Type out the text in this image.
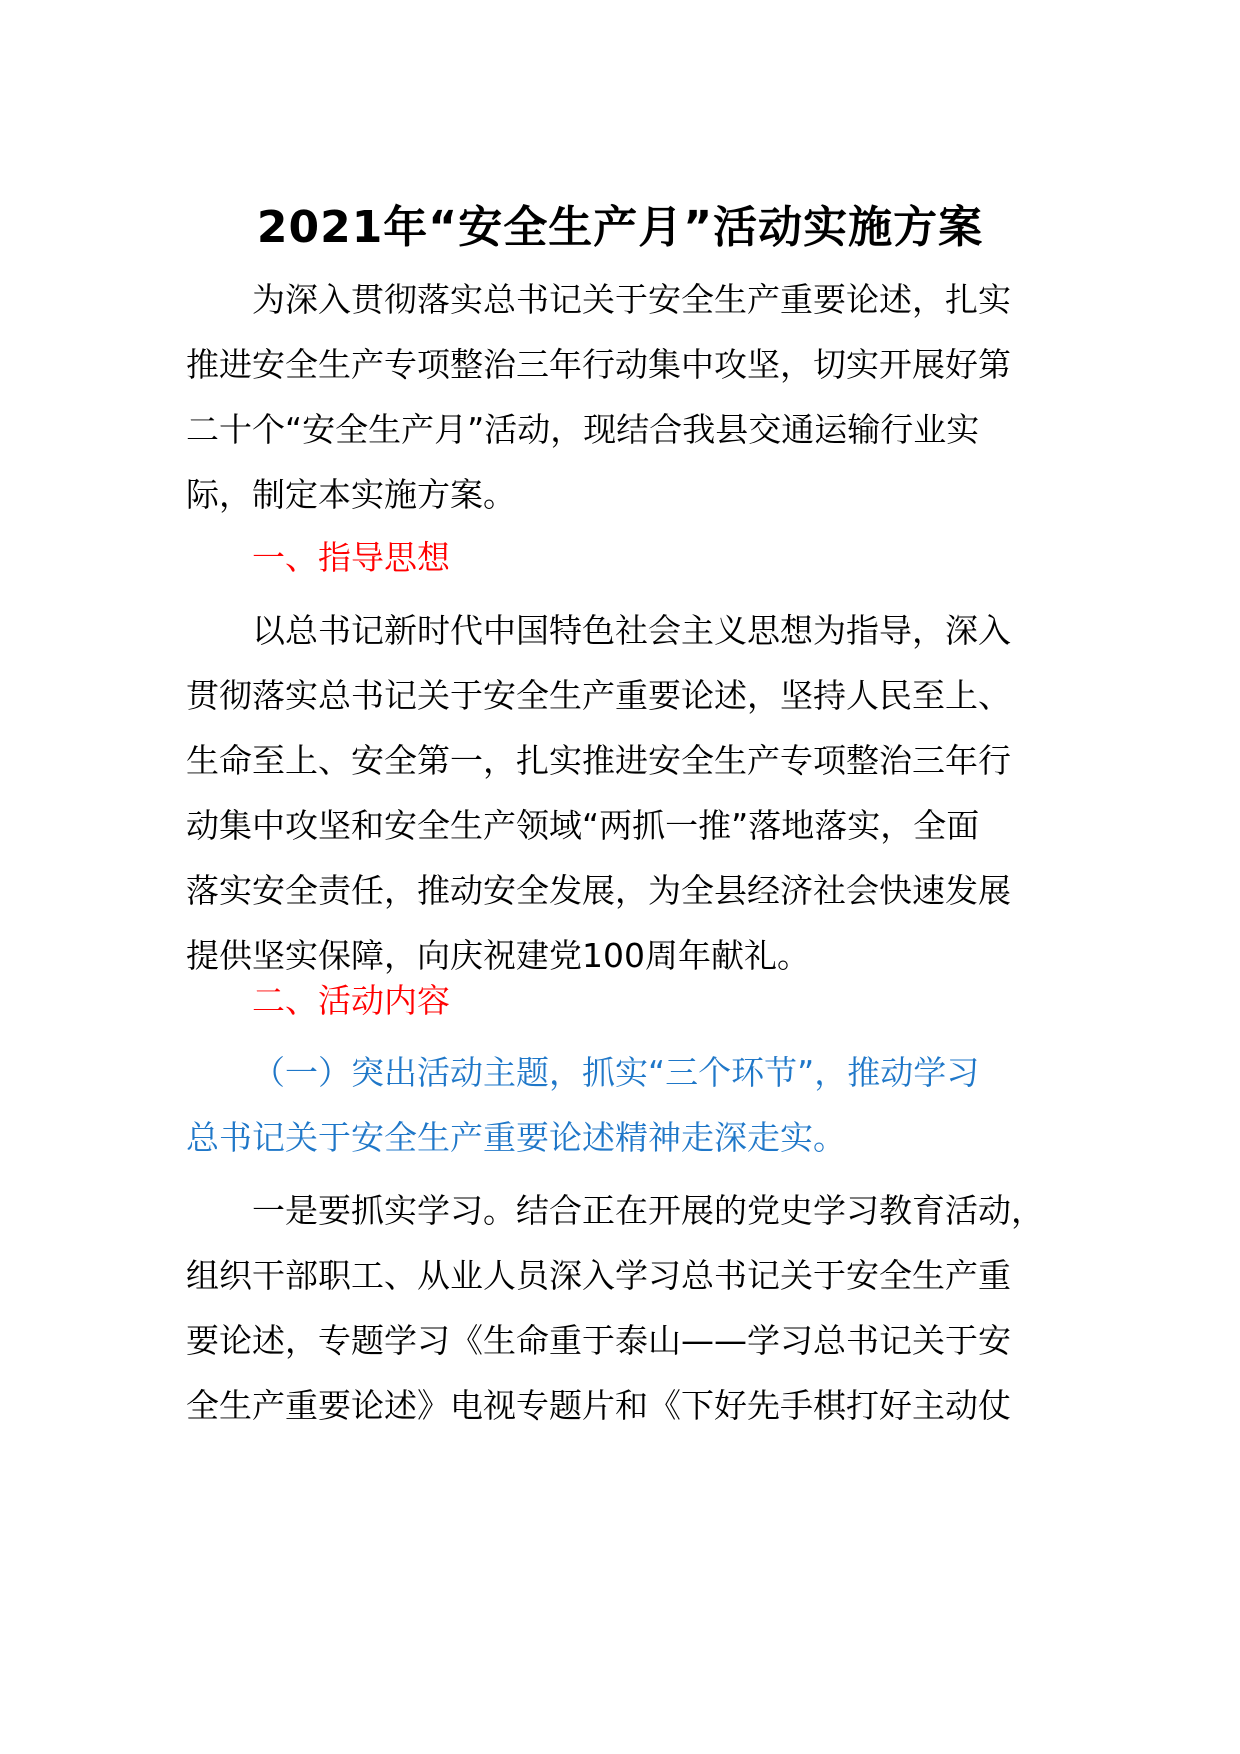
2021年“安全生产月”活动实施方案
为深入贯彻落实总书记关于安全生产重要论述，扎实
推进安全生产专项整治三年行动集中攻坚，切实开展好第
二十个“安全生产月”活动，现结合我县交通运输行业实
际，制定本实施方案。
一、指导思想
以总书记新时代中国特色社会主义思想为指导，深入
贯彻落实总书记关于安全生产重要论述，坚持人民至上、
生命至上、安全第一，扎实推进安全生产专项整治三年行
动集中攻坚和安全生产领域“两抓一推”落地落实，全面
落实安全责任，推动安全发展，为全县经济社会快速发展
提供坚实保障，向庆祝建党100周年献礼。
二、活动内容
（一）突出活动主题，抓实“三个环节”，推动学习
总书记关于安全生产重要论述精神走深走实。
一是要抓实学习。结合正在开展的党史学习教育活动，
组织干部职工、从业人员深入学习总书记关于安全生产重
要论述，专题学习《生命重于泰山——学习总书记关于安
全生产重要论述》电视专题片和《下好先手棋打好主动仗
